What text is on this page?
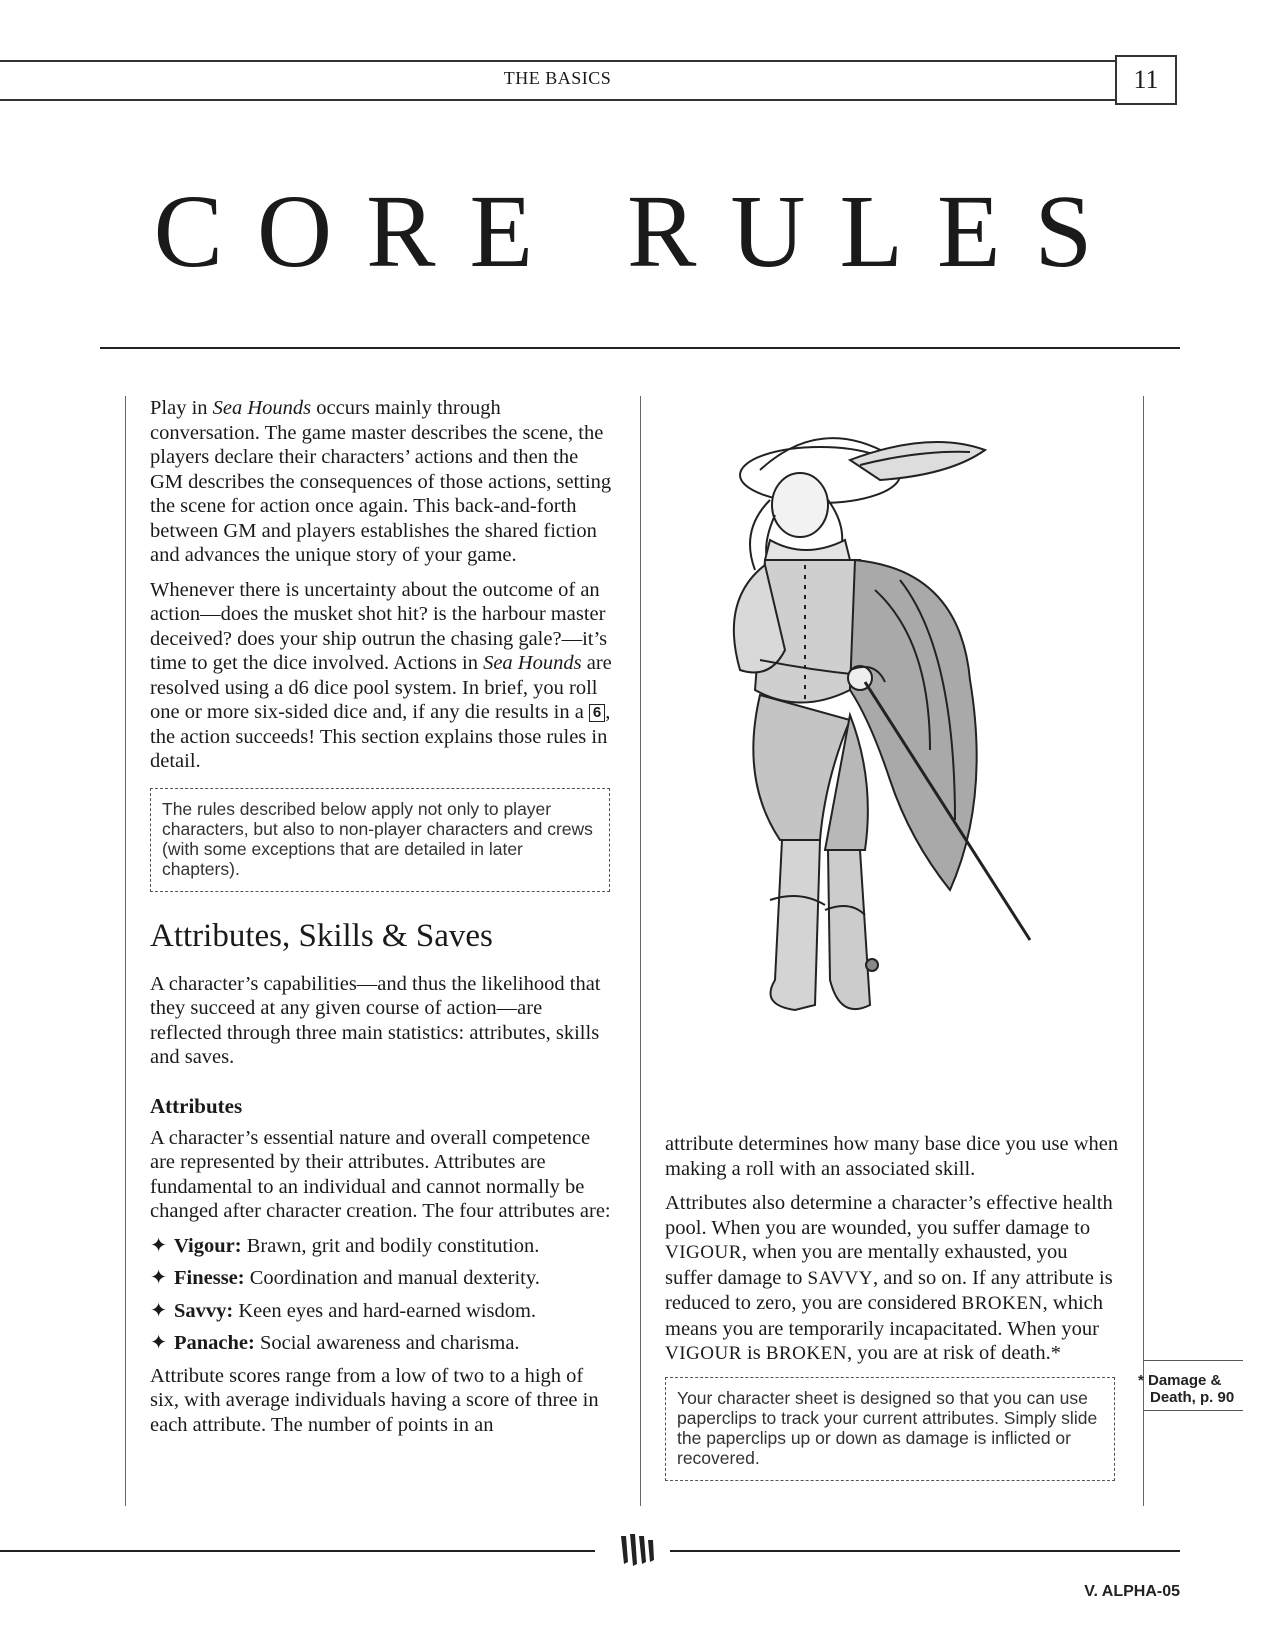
THE BASICS	11
CORE RULES

Play in Sea Hounds occurs mainly through conversation. The game master describes the scene, the players declare their characters’ actions and then the GM describes the consequences of those actions, setting the scene for action once again. This back-and-forth between GM and players establishes the shared fiction and advances the unique story of your game.

Whenever there is uncertainty about the outcome of an action—does the musket shot hit? is the harbour master deceived? does your ship outrun the chasing gale?—it’s time to get the dice involved. Actions in Sea Hounds are resolved using a d6 dice pool system. In brief, you roll one or more six-sided dice and, if any die results in a 6 , the action succeeds! This section explains those rules in detail.

The rules described below apply not only to player characters, but also to non-player characters and crews (with some exceptions that are detailed in later chapters).
Attributes, Skills & Saves

A character’s capabilities—and thus the likelihood that they succeed at any given course of action—are reflected through three main statistics: attributes, skills and saves.

Attributes

A character’s essential nature and overall competence are represented by their attributes. Attributes are fundamental to an individual and cannot normally be changed after character creation. The four attributes are:

✦ Vigour: Brawn, grit and bodily constitution.
✦ Finesse: Coordination and manual dexterity.
✦ Savvy: Keen eyes and hard-earned wisdom.
✦ Panache: Social awareness and charisma.

Attribute scores range from a low of two to a high of six, with average individuals having a score of three in each attribute. The number of points in an

attribute determines how many base dice you use when making a roll with an associated skill.

Attributes also determine a character’s effective health pool. When you are wounded, you suffer damage to VIGOUR, when you are mentally exhausted, you suffer damage to SAVVY, and so on. If any attribute is reduced to zero, you are considered BROKEN, which means you are temporarily incapacitated. When your VIGOUR is BROKEN, you are at risk of death.*

Your character sheet is designed so that you can use paperclips to track your current attributes. Simply slide the paperclips up or down as damage is inflicted or recovered.
* Damage &
Death, p. 90
V. ALPHA-05
